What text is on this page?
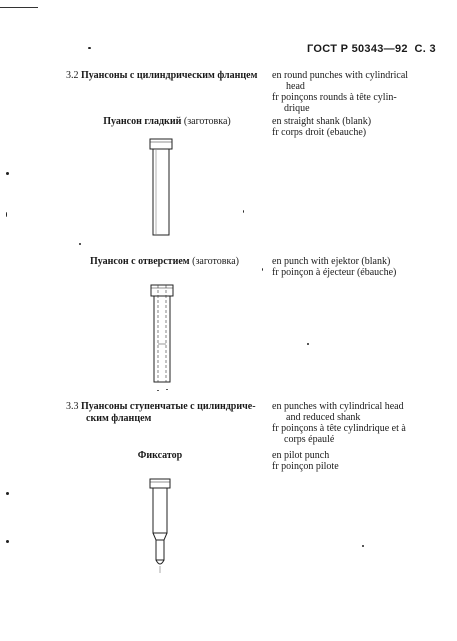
ГОСТ Р 50343—92 С. 3
3.2 Пуансоны с цилиндрическим фланцем	en round punches with cylindrical
head
fr poinçons rounds à tête cylin-
drique
Пуансон гладкий (заготовка)	en straight shank (blank)
fr corps droit (ebauche)
Пуансон с отверстием (заготовка)	en punch with ejektor (blank)
fr poinçon à éjecteur (ébauche)
3.3 Пуансоны ступенчатые с цилиндриче-
ским фланцем
en punches with cylindrical head
and reduced shank
fr poinçons à tête cylindrique et à
corps épaulé
Фиксатор	en pilot punch
fr poinçon pilote
